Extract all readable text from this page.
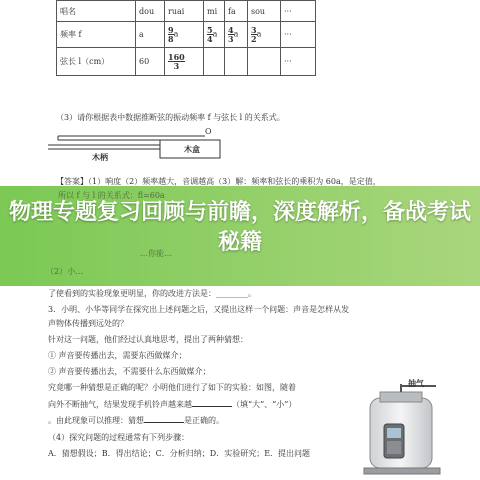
唱名	dou	ruai	mi	fa	sou	···
频率 f	a	$\frac{9}{8}$ a	$\frac{5}{4}$ a	$\frac{4}{3}$ a	$\frac{3}{2}$ a	···
弦长 l（cm）	60	$\frac{160}{3}$				···
（3）请你根据表中数据推断弦的振动频率 f 与弦长 l 的关系式。
O
木柄
木盒
【答案】（1）响度（2）频率越大，音调越高（3）解：频率和弦长的乘积为 60a，是定值，
所以 f 与 l 的关系式：fl=60a
物理专题复习回顾与前瞻，深度解析，备战考试秘籍
（2）小…
…你能…
了使看到的实验现象更明显，你的改进方法是：________。
3．小明、小华等同学在探究出上述问题之后，又提出这样一个问题：声音是怎样从发
声物体传播到远处的？
针对这一问题，他们经过认真地思考，提出了两种猜想：
① 声音要传播出去，需要东西做媒介；
② 声音要传播出去，不需要什么东西做媒介；
究竟哪一种猜想是正确的呢？小明他们进行了如下的实验：如图，随着
向外不断抽气，结果发现手机铃声越来越	（填“大”、“小”）
。由此现象可以推理：猜想	是正确的。
（4）探究问题的过程通常有下列步骤：
A．猜想假设；B．得出结论；C．分析归纳；D．实验研究；E．提出问题
抽气
